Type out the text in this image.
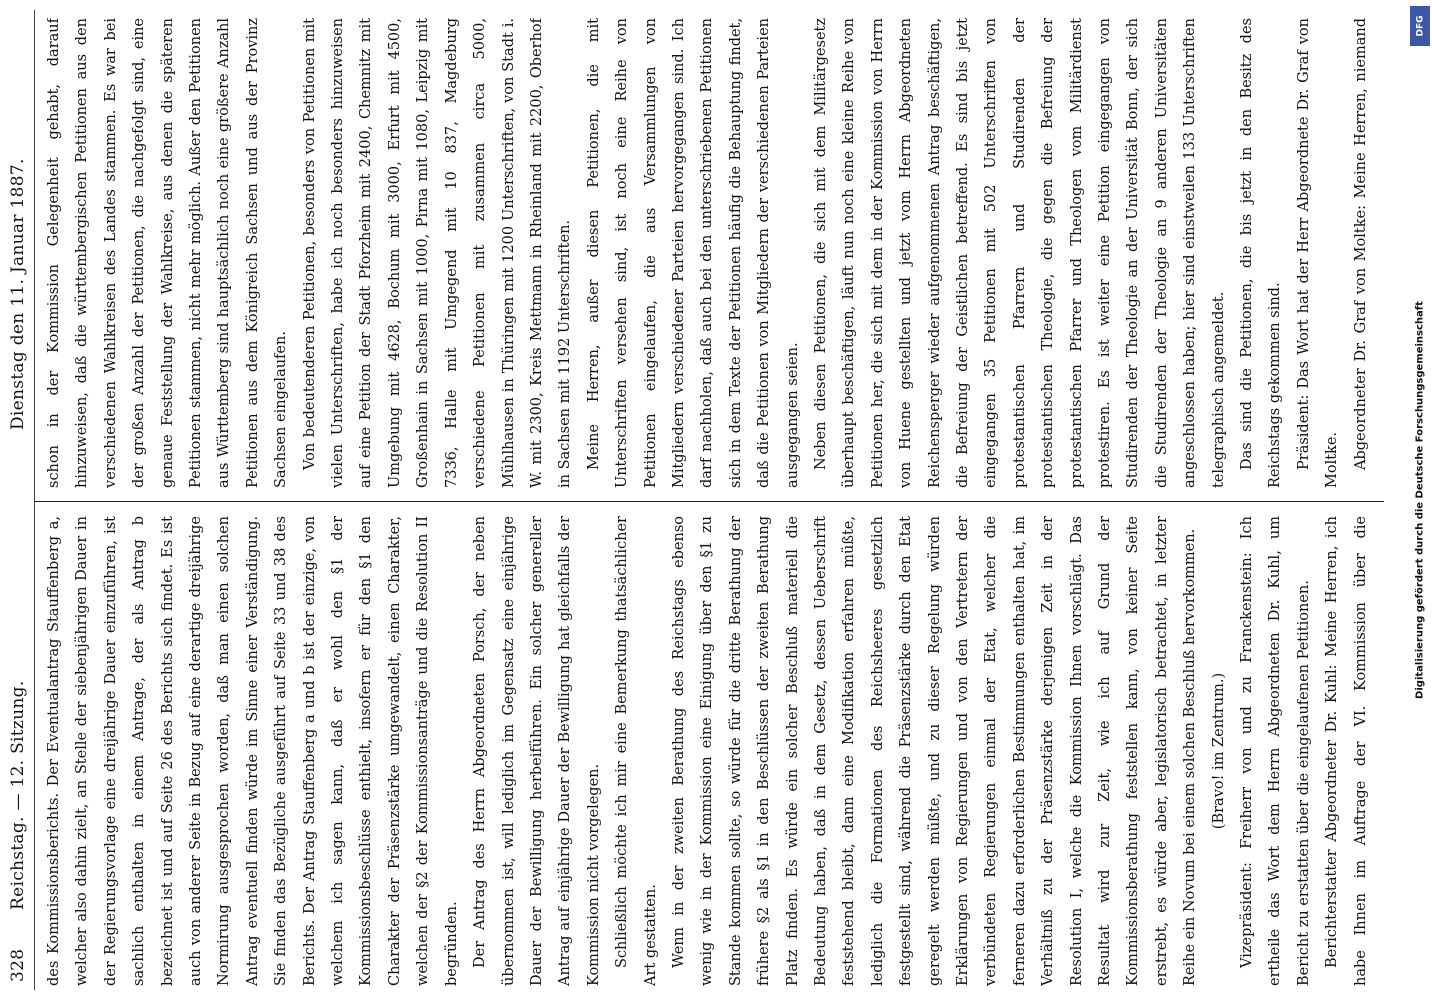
328
Reichstag. — 12. Sitzung.
Dienstag den 11. Januar 1887.

des Kommissionsberichts. Der Eventualantrag Stauffenberg a, welcher also dahin zielt, an Stelle der siebenjährigen Dauer in der Regierungsvorlage eine dreijährige Dauer einzuführen, ist sachlich enthalten in einem Antrage, der als Antrag b bezeichnet ist und auf Seite 26 des Berichts sich findet. Es ist auch von anderer Seite in Bezug auf eine derartige dreijährige Normirung ausgesprochen worden, daß man einen solchen Antrag eventuell finden würde im Sinne einer Verständigung. Sie finden das Bezügliche ausgeführt auf Seite 33 und 38 des Berichts. Der Antrag Stauffenberg a und b ist der einzige, von welchem ich sagen kann, daß er wohl den §1 der Kommissionsbeschlüsse enthielt, insofern er für den §1 den Charakter der Präsenzstärke umgewandelt, einen Charakter, welchen der §2 der Kommissionsanträge und die Resolution II begründen. Der Antrag des Herrn Abgeordneten Porsch, der neben übernommen ist, will lediglich im Gegensatz eine einjährige Dauer der Bewilligung herbeiführen. Ein solcher genereller Antrag auf einjährige Dauer der Bewilligung hat gleichfalls der Kommission nicht vorgelegen. Schließlich möchte ich mir eine Bemerkung thatsächlicher Art gestatten. Wenn in der zweiten Berathung des Reichstags ebenso wenig wie in der Kommission eine Einigung über den §1 zu Stande kommen sollte, so würde für die dritte Berathung der frühere §2 als §1 in den Beschlüssen der zweiten Berathung Platz finden. Es würde ein solcher Beschluß materiell die Bedeutung haben, daß in dem Gesetz, dessen Ueberschrift feststehend bleibt, dann eine Modifikation erfahren müßte, lediglich die Formationen des Reichsheeres gesetzlich festgestellt sind, während die Präsenzstärke durch den Etat geregelt werden müßte, und zu dieser Regelung würden Erklärungen von Regierungen und von den Vertretern der verbündeten Regierungen einmal der Etat, welcher die ferneren dazu erforderlichen Bestimmungen enthalten hat, im Verhältniß zu der Präsenzstärke derjenigen Zeit in der Resolution I, welche die Kommission Ihnen vorschlägt. Das Resultat wird zur Zeit, wie ich auf Grund der Kommissionsberathung feststellen kann, von keiner Seite erstrebt, es würde aber, legislatorisch betrachtet, in letzter Reihe ein Novum bei einem solchen Beschluß hervorkommen. (Bravo! im Zentrum.) Vizepräsident: Freiherr von und zu Franckenstein: Ich ertheile das Wort dem Herrn Abgeordneten Dr. Kuhl, um Bericht zu erstatten über die eingelaufenen Petitionen. Berichterstatter Abgeordneter Dr. Kuhl: Meine Herren, ich habe Ihnen im Auftrage der VI. Kommission über die

schon in der Kommission Gelegenheit gehabt, darauf hinzuweisen, daß die württembergischen Petitionen aus den verschiedenen Wahlkreisen des Landes stammen. Es war bei der großen Anzahl der Petitionen, die nachgefolgt sind, eine genaue Feststellung der Wahlkreise, aus denen die späteren Petitionen stammen, nicht mehr möglich. Außer den Petitionen aus Württemberg sind hauptsächlich noch eine größere Anzahl Petitionen aus dem Königreich Sachsen und aus der Provinz Sachsen eingelaufen. Von bedeutenderen Petitionen, besonders von Petitionen mit vielen Unterschriften, habe ich noch besonders hinzuweisen auf eine Petition der Stadt Pforzheim mit 2400, Chemnitz mit Umgebung mit 4628, Bochum mit 3000, Erfurt mit 4500, Großenhain in Sachsen mit 1000, Pirna mit 1080, Leipzig mit 7336, Halle mit Umgegend mit 10 837, Magdeburg verschiedene Petitionen mit zusammen circa 5000, Mühlhausen in Thüringen mit 1200 Unterschriften, von Stadt i. W. mit 2300, Kreis Mettmann in Rheinland mit 2200, Oberhof in Sachsen mit 1192 Unterschriften. Meine Herren, außer diesen Petitionen, die mit Unterschriften versehen sind, ist noch eine Reihe von Petitionen eingelaufen, die aus Versammlungen von Mitgliedern verschiedener Parteien hervorgegangen sind. Ich darf nachholen, daß auch bei den unterschriebenen Petitionen sich in dem Texte der Petitionen häufig die Behauptung findet, daß die Petitionen von Mitgliedern der verschiedenen Parteien ausgegangen seien. Neben diesen Petitionen, die sich mit dem Militärgesetz überhaupt beschäftigen, läuft nun noch eine kleine Reihe von Petitionen her, die sich mit dem in der Kommission von Herrn von Huene gestellten und jetzt vom Herrn Abgeordneten Reichensperger wieder aufgenommenen Antrag beschäftigen, die Befreiung der Geistlichen betreffend. Es sind bis jetzt eingegangen 35 Petitionen mit 502 Unterschriften von protestantischen Pfarrern und Studirenden der protestantischen Theologie, die gegen die Befreiung der protestantischen Pfarrer und Theologen vom Militärdienst protestiren. Es ist weiter eine Petition eingegangen von Studirenden der Theologie an der Universität Bonn, der sich die Studirenden der Theologie an 9 anderen Universitäten angeschlossen haben; hier sind einstweilen 133 Unterschriften telegraphisch angemeldet. Das sind die Petitionen, die bis jetzt in den Besitz des Reichstags gekommen sind. Präsident: Das Wort hat der Herr Abgeordnete Dr. Graf von Moltke. Abgeordneter Dr. Graf von Moltke: Meine Herren, niemand	DFG
Digitalisierung gefördert durch die Deutsche Forschungsgemeinschaft
